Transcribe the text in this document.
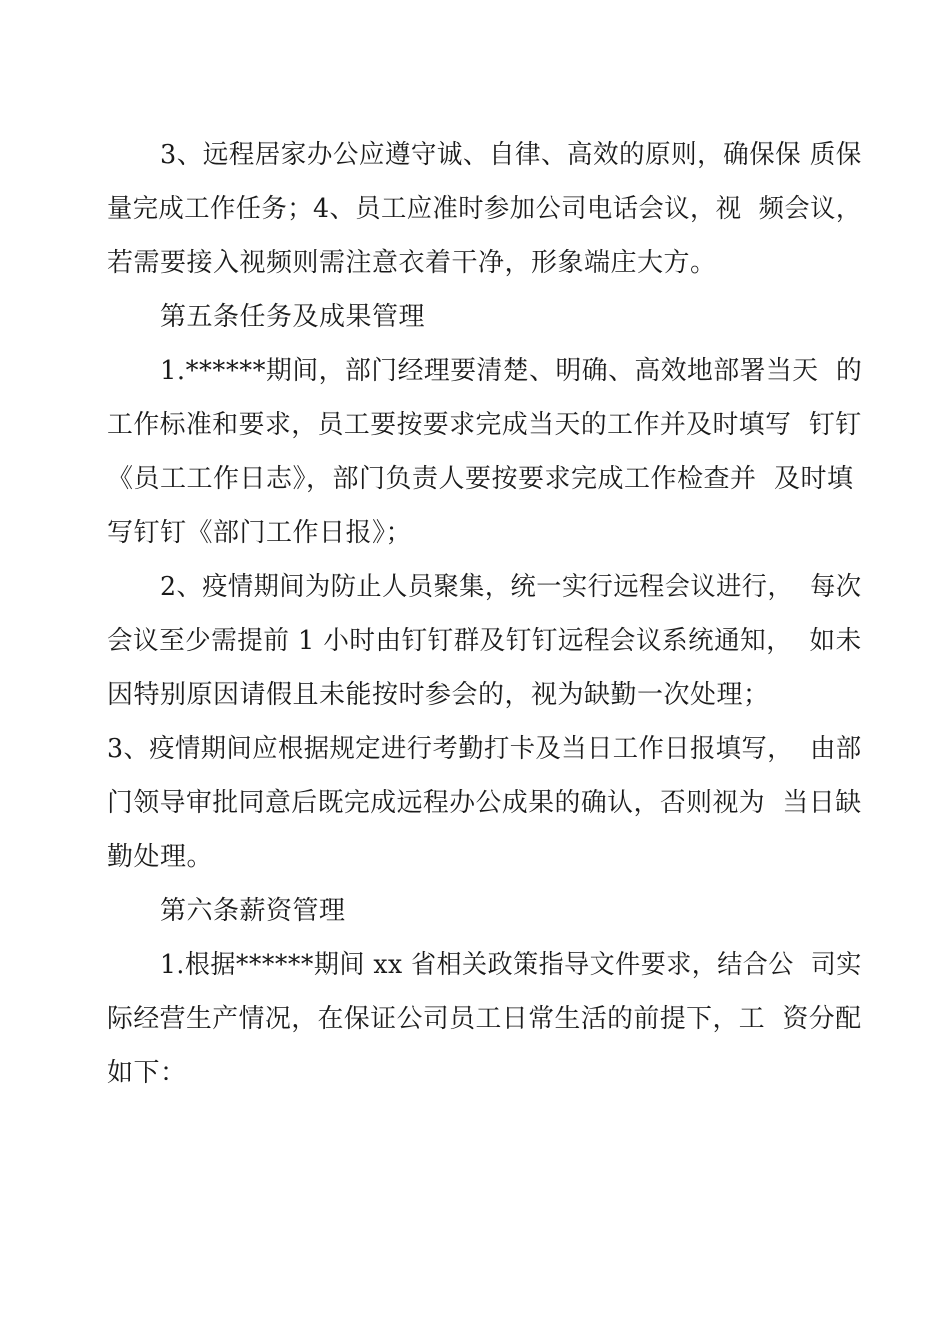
3、远程居家办公应遵守诚、自律、高效的原则，确保保 质保
量完成工作任务；4、员工应准时参加公司电话会议，视  频会议，
若需要接入视频则需注意衣着干净，形象端庄大方。
第五条任务及成果管理
1.******期间，部门经理要清楚、明确、高效地部署当天  的
工作标准和要求，员工要按要求完成当天的工作并及时填写  钉钉
《员工工作日志》，部门负责人要按要求完成工作检查并  及时填
写钉钉《部门工作日报》；
2、疫情期间为防止人员聚集，统一实行远程会议进行，  每次
会议至少需提前 1 小时由钉钉群及钉钉远程会议系统通知，  如未
因特别原因请假且未能按时参会的，视为缺勤一次处理；
3、疫情期间应根据规定进行考勤打卡及当日工作日报填写，  由部
门领导审批同意后既完成远程办公成果的确认，否则视为  当日缺
勤处理。
第六条薪资管理
1.根据******期间 xx 省相关政策指导文件要求，结合公  司实
际经营生产情况，在保证公司员工日常生活的前提下，工  资分配
如下：
